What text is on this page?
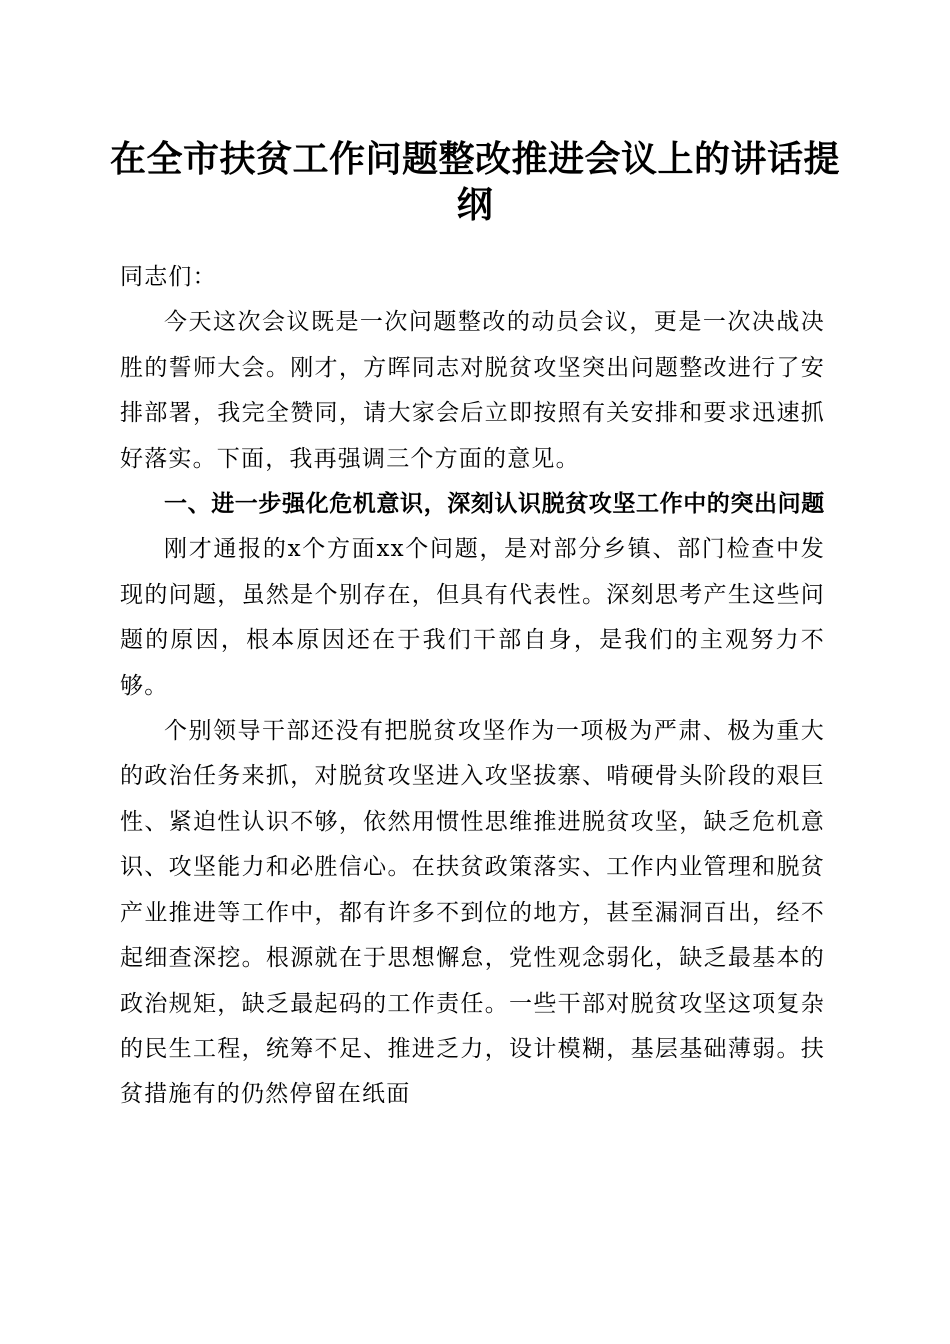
在全市扶贫工作问题整改推进会议上的讲话提纲

同志们：

今天这次会议既是一次问题整改的动员会议，更是一次决战决胜的誓师大会。刚才，方晖同志对脱贫攻坚突出问题整改进行了安排部署，我完全赞同，请大家会后立即按照有关安排和要求迅速抓好落实。下面，我再强调三个方面的意见。

一、进一步强化危机意识，深刻认识脱贫攻坚工作中的突出问题

刚才通报的x个方面xx个问题，是对部分乡镇、部门检查中发现的问题，虽然是个别存在，但具有代表性。深刻思考产生这些问题的原因，根本原因还在于我们干部自身，是我们的主观努力不够。

个别领导干部还没有把脱贫攻坚作为一项极为严肃、极为重大的政治任务来抓，对脱贫攻坚进入攻坚拔寨、啃硬骨头阶段的艰巨性、紧迫性认识不够，依然用惯性思维推进脱贫攻坚，缺乏危机意识、攻坚能力和必胜信心。在扶贫政策落实、工作内业管理和脱贫产业推进等工作中，都有许多不到位的地方，甚至漏洞百出，经不起细查深挖。根源就在于思想懈怠，党性观念弱化，缺乏最基本的政治规矩，缺乏最起码的工作责任。一些干部对脱贫攻坚这项复杂的民生工程，统筹不足、推进乏力，设计模糊，基层基础薄弱。扶贫措施有的仍然停留在纸面
